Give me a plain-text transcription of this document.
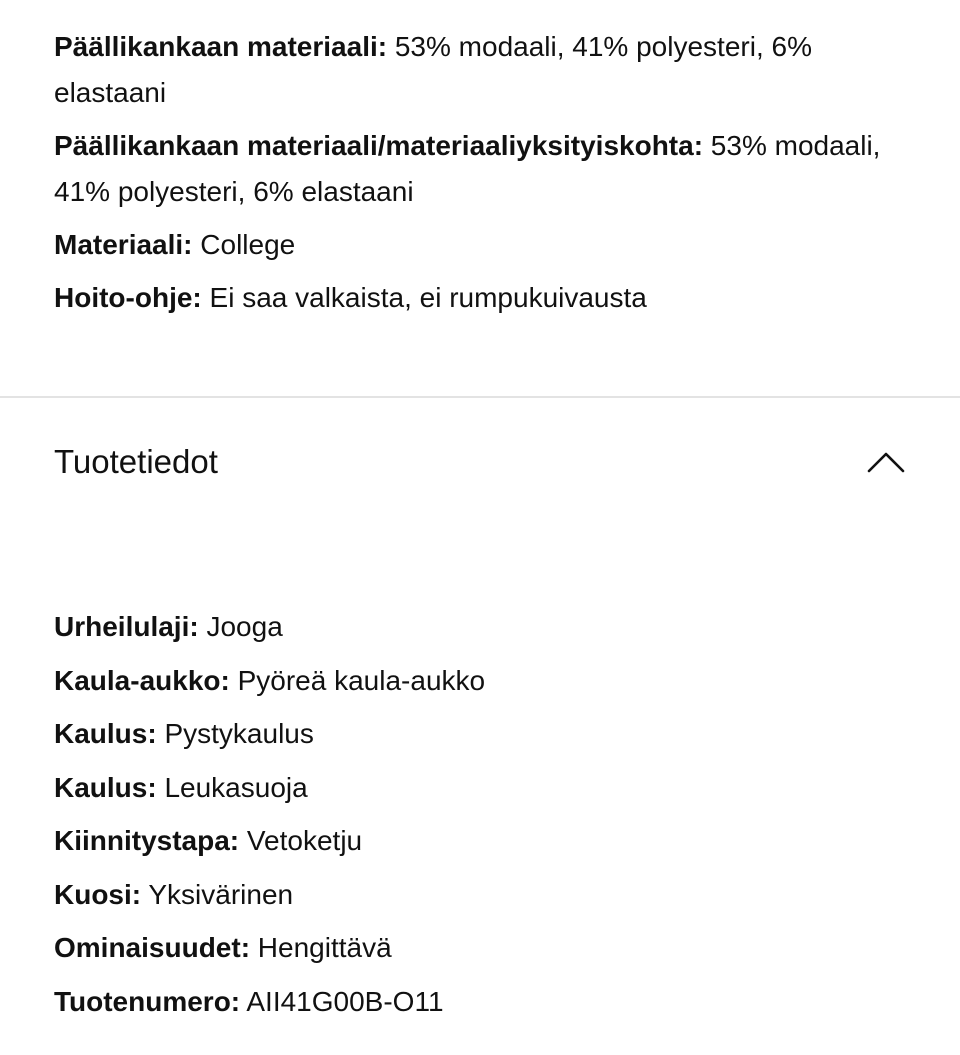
Päällikankaan materiaali: 53% modaali, 41% polyesteri, 6% elastaani
Päällikankaan materiaali/materiaaliyksityiskohta: 53% modaali, 41% polyesteri, 6% elastaani
Materiaali: College
Hoito-ohje: Ei saa valkaista, ei rumpukuivausta
Tuotetiedot
Urheilulaji: Jooga
Kaula-aukko: Pyöreä kaula-aukko
Kaulus: Pystykaulus
Kaulus: Leukasuoja
Kiinnitystapa: Vetoketju
Kuosi: Yksivärinen
Ominaisuudet: Hengittävä
Tuotenumero: AII41G00B-O11
